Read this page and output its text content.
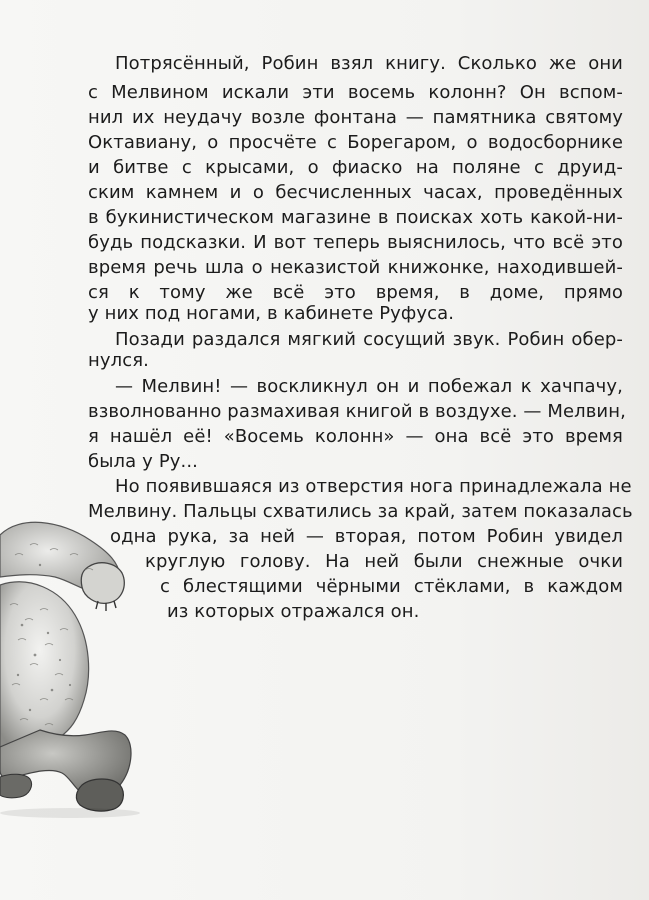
Потрясённый, Робин взял книгу. Сколько же они
с Мелвином искали эти восемь колонн? Он вспом-
нил их неудачу возле фонтана — памятника святому
Октавиану, о просчёте с Борегаром, о водосборнике
и битве с крысами, о фиаско на поляне с друид-
ским камнем и о бесчисленных часах, проведённых
в букинистическом магазине в поисках хоть какой-ни-
будь подсказки. И вот теперь выяснилось, что всё это
время речь шла о неказистой книжонке, находившей-
ся к тому же всё это время, в доме, прямо
у них под ногами, в кабинете Руфуса.
Позади раздался мягкий сосущий звук. Робин обер-
нулся.
— Мелвин! — воскликнул он и побежал к хачпачу,
взволнованно размахивая книгой в воздухе. — Мелвин,
я нашёл её! «Восемь колонн» — она всё это время
была у Ру...
Но появившаяся из отверстия нога принадлежала не
Мелвину. Пальцы схватились за край, затем показалась
одна рука, за ней — вторая, потом Робин увидел
круглую голову. На ней были снежные очки
с блестящими чёрными стёклами, в каждом
из которых отражался он.
